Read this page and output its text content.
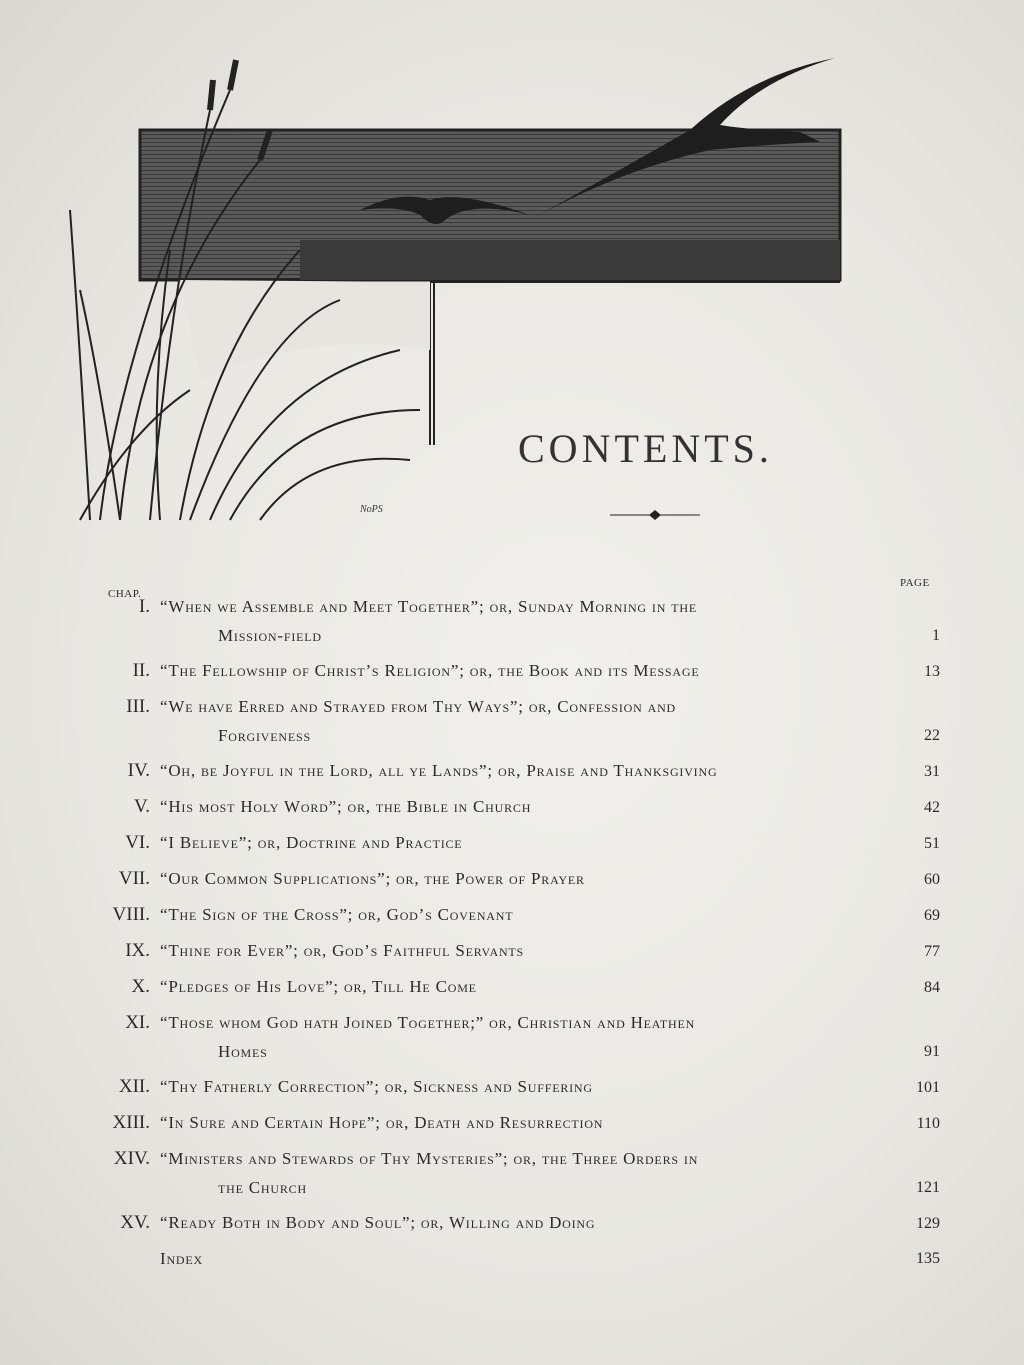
NoPS
CONTENTS.
CHAP.
PAGE
I. “When we Assemble and Meet Together”; or, Sunday Morning in the
Mission-field	1
II. “The Fellowship of Christ’s Religion”; or, the Book and its Message	13
III. “We have Erred and Strayed from Thy Ways”; or, Confession and
Forgiveness	22
IV. “Oh, be Joyful in the Lord, all ye Lands”; or, Praise and Thanksgiving	31
V. “His most Holy Word”; or, the Bible in Church	42
VI. “I Believe”; or, Doctrine and Practice	51
VII. “Our Common Supplications”; or, the Power of Prayer	60
VIII. “The Sign of the Cross”; or, God’s Covenant	69
IX. “Thine for Ever”; or, God’s Faithful Servants	77
X. “Pledges of His Love”; or, Till He Come	84
XI. “Those whom God hath Joined Together;” or, Christian and Heathen
Homes	91
XII. “Thy Fatherly Correction”; or, Sickness and Suffering	101
XIII. “In Sure and Certain Hope”; or, Death and Resurrection	110
XIV. “Ministers and Stewards of Thy Mysteries”; or, the Three Orders in
the Church	121
XV. “Ready Both in Body and Soul”; or, Willing and Doing	129
Index	135
